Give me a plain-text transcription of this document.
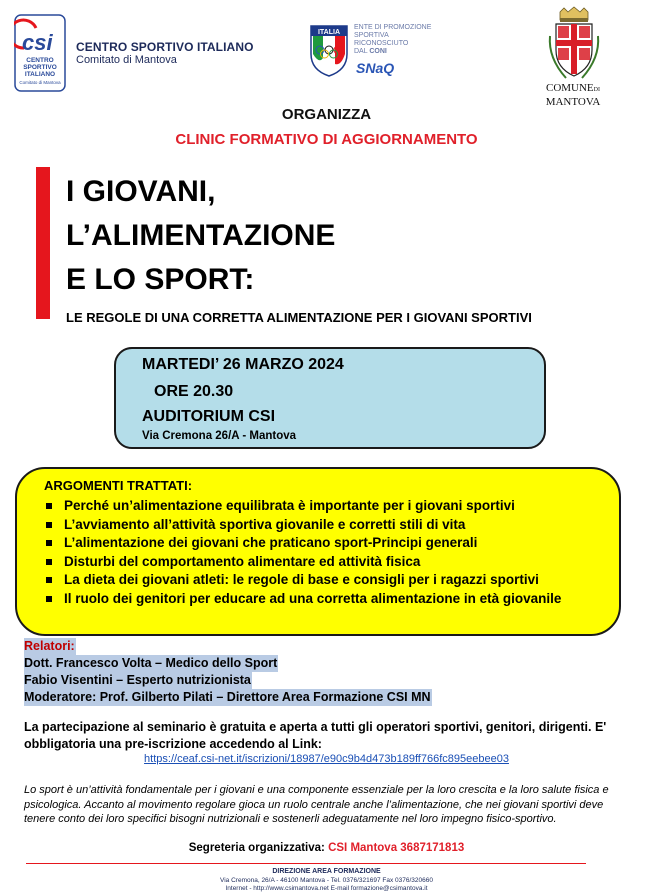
csi
CENTRO
SPORTIVO
ITALIANO
Comitato di Mantova
CENTRO SPORTIVO ITALIANO
Comitato di Mantova
ITALIA
ENTE DI PROMOZIONE
SPORTIVA
RICONOSCIUTO
DAL CONI
SNaQ
COMUNEDI
MANTOVA
ORGANIZZA
CLINIC FORMATIVO DI AGGIORNAMENTO
I GIOVANI,
L’ALIMENTAZIONE
E LO SPORT:
LE REGOLE DI UNA CORRETTA ALIMENTAZIONE PER I GIOVANI SPORTIVI
MARTEDI’ 26 MARZO 2024
ORE 20.30
AUDITORIUM CSI
Via Cremona 26/A - Mantova
ARGOMENTI TRATTATI:
Perché un’alimentazione equilibrata è importante per i giovani sportivi
L’avviamento all’attività sportiva giovanile e corretti stili di vita
L’alimentazione dei giovani che praticano sport-Principi generali
Disturbi del comportamento alimentare ed attività fisica
La dieta dei giovani atleti: le regole di base e consigli per i ragazzi sportivi
Il ruolo dei genitori per educare ad una corretta alimentazione in età giovanile
Relatori:
Dott. Francesco Volta – Medico dello Sport
Fabio Visentini – Esperto nutrizionista
Moderatore: Prof. Gilberto Pilati – Direttore Area Formazione CSI MN
La partecipazione al seminario è gratuita e aperta a tutti gli operatori sportivi, genitori, dirigenti. E' obbligatoria una pre-iscrizione accedendo al Link:
https://ceaf.csi-net.it/iscrizioni/18987/e90c9b4d473b189ff766fc895eebee03
Lo sport è un’attività fondamentale per i giovani e una componente essenziale per la loro crescita e la loro salute fisica e psicologica. Accanto al movimento regolare gioca un ruolo centrale anche l’alimentazione, che nei giovani sportivi deve tenere conto dei loro specifici bisogni nutrizionali e sostenerli adeguatamente nel loro impegno fisico-sportivo.
Segreteria organizzativa: CSI Mantova 3687171813
DIREZIONE AREA FORMAZIONE
Via Cremona, 26/A - 46100 Mantova - Tel. 0376/321697 Fax 0376/320660
Internet - http://www.csimantova.net E-mail formazione@csimantova.it
